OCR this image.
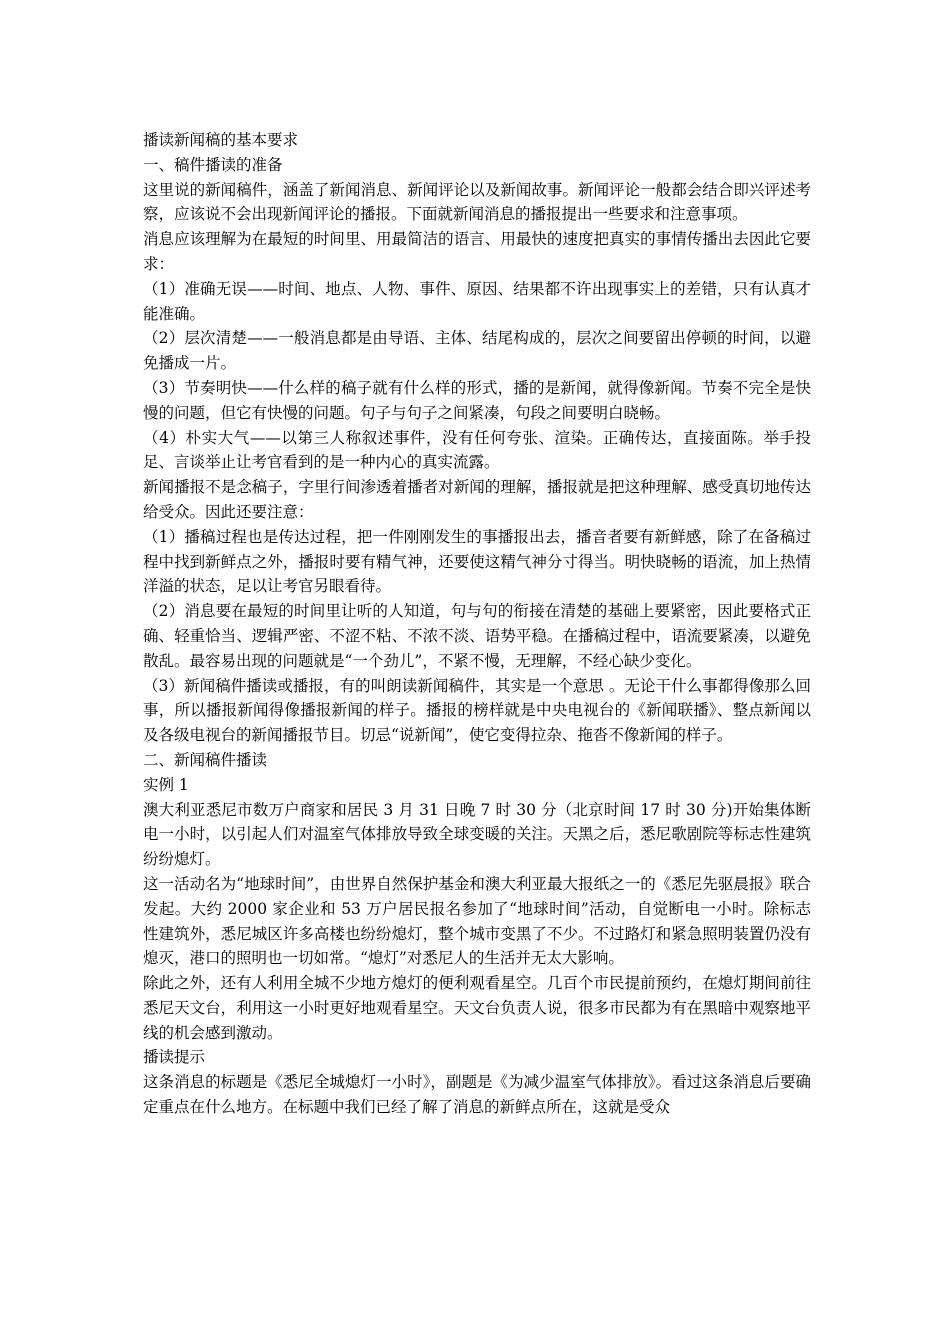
播读新闻稿的基本要求

一、稿件播读的准备

这里说的新闻稿件，涵盖了新闻消息、新闻评论以及新闻故事。新闻评论一般都会结合即兴评述考察，应该说不会出现新闻评论的播报。下面就新闻消息的播报提出一些要求和注意事项。

消息应该理解为在最短的时间里、用最简洁的语言、用最快的速度把真实的事情传播出去因此它要求：

（1）准确无误——时间、地点、人物、事件、原因、结果都不许出现事实上的差错，只有认真才能准确。

（2）层次清楚——一般消息都是由导语、主体、结尾构成的，层次之间要留出停顿的时间，以避免播成一片。

（3）节奏明快——什么样的稿子就有什么样的形式，播的是新闻，就得像新闻。节奏不完全是快慢的问题，但它有快慢的问题。句子与句子之间紧凑，句段之间要明白晓畅。

（4）朴实大气——以第三人称叙述事件，没有任何夸张、渲染。正确传达，直接面陈。举手投足、言谈举止让考官看到的是一种内心的真实流露。

新闻播报不是念稿子，字里行间渗透着播者对新闻的理解，播报就是把这种理解、感受真切地传达给受众。因此还要注意：

（1）播稿过程也是传达过程，把一件刚刚发生的事播报出去，播音者要有新鲜感，除了在备稿过程中找到新鲜点之外，播报时要有精气神，还要使这精气神分寸得当。明快晓畅的语流，加上热情洋溢的状态，足以让考官另眼看待。

（2）消息要在最短的时间里让听的人知道，句与句的衔接在清楚的基础上要紧密，因此要格式正确、轻重恰当、逻辑严密、不涩不粘、不浓不淡、语势平稳。在播稿过程中，语流要紧凑，以避免散乱。最容易出现的问题就是“一个劲儿”，不紧不慢，无理解，不经心缺少变化。

（3）新闻稿件播读或播报，有的叫朗读新闻稿件，其实是一个意思 。无论干什么事都得像那么回事，所以播报新闻得像播报新闻的样子。播报的榜样就是中央电视台的《新闻联播》、整点新闻以及各级电视台的新闻播报节目。切忌“说新闻”，使它变得拉杂、拖沓不像新闻的样子。

二、新闻稿件播读

实例 1

澳大利亚悉尼市数万户商家和居民 3 月 31 日晚 7 时 30 分（北京时间 17 时 30 分)开始集体断电一小时，以引起人们对温室气体排放导致全球变暖的关注。天黑之后，悉尼歌剧院等标志性建筑纷纷熄灯。

这一活动名为“地球时间”，由世界自然保护基金和澳大利亚最大报纸之一的《悉尼先驱晨报》联合发起。大约 2000 家企业和 53 万户居民报名参加了“地球时间”活动，自觉断电一小时。除标志性建筑外，悉尼城区许多高楼也纷纷熄灯，整个城市变黑了不少。不过路灯和紧急照明装置仍没有熄灭，港口的照明也一切如常。“熄灯”对悉尼人的生活并无太大影响。

除此之外，还有人利用全城不少地方熄灯的便利观看星空。几百个市民提前预约，在熄灯期间前往悉尼天文台，利用这一小时更好地观看星空。天文台负责人说，很多市民都为有在黑暗中观察地平线的机会感到激动。

播读提示

这条消息的标题是《悉尼全城熄灯一小时》，副题是《为减少温室气体排放》。看过这条消息后要确定重点在什么地方。在标题中我们已经了解了消息的新鲜点所在，这就是受众
